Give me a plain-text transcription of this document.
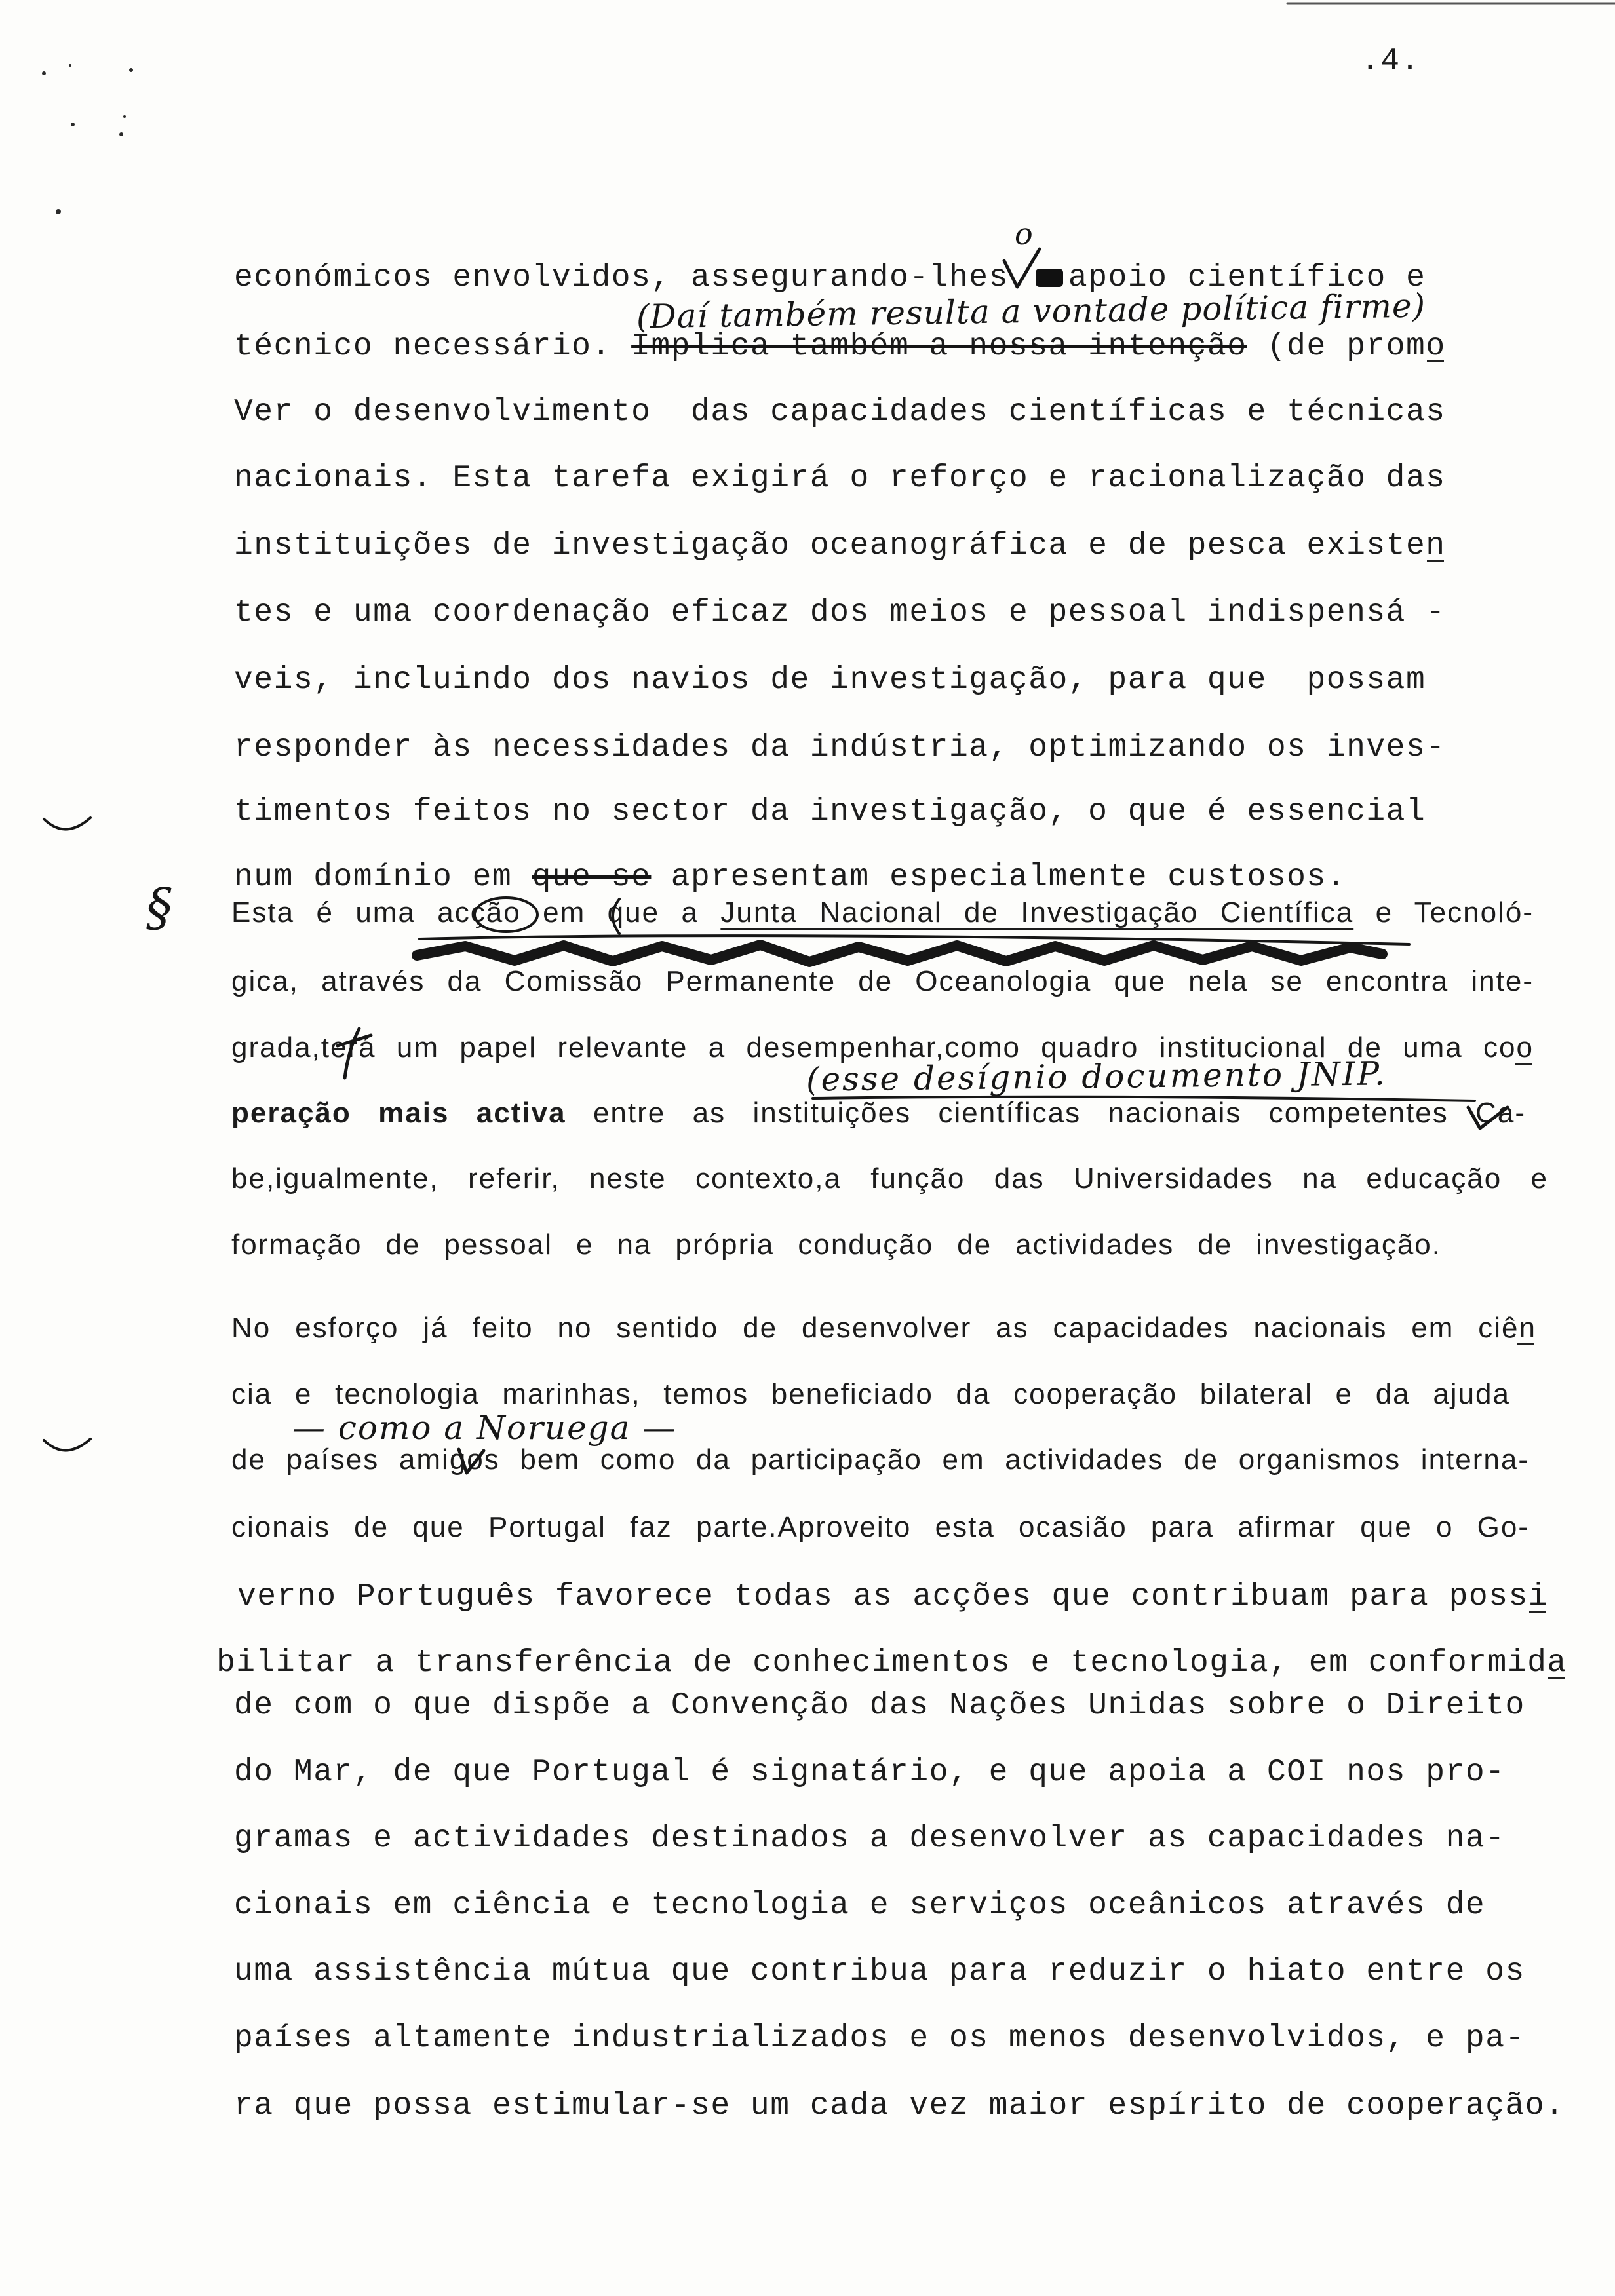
.4.
o
(Daí também resulta a vontade política firme)
§
(esse desígnio documento JNIP.
— como a Noruega —
económicos envolvidos, assegurando-lhes apoio científico e
técnico necessário. Implica também a nossa intenção (de promo
Ver o desenvolvimento  das capacidades científicas e técnicas
nacionais. Esta tarefa exigirá o reforço e racionalização das
instituições de investigação oceanográfica e de pesca existen
tes e uma coordenação eficaz dos meios e pessoal indispensá -
veis, incluindo dos navios de investigação, para que  possam
responder às necessidades da indústria, optimizando os inves-
timentos feitos no sector da investigação, o que é essencial
num domínio em que se apresentam especialmente custosos.
Esta é uma acção em que a Junta Nacional de Investigação Científica e Tecnoló-
gica, através da Comissão Permanente de Oceanologia que nela se encontra inte-
grada,terá um papel relevante a desempenhar,como quadro institucional de uma coo
peração mais activa entre as instituições científicas nacionais competentes Ca-
be,igualmente, referir, neste contexto,a função das Universidades na educação e
formação de pessoal e na própria condução de actividades de investigação.
No esforço já feito no sentido de desenvolver as capacidades nacionais em ciên
cia e tecnologia marinhas, temos beneficiado da cooperação bilateral e da ajuda
de países amigos bem como da participação em actividades de organismos interna-
cionais de que Portugal faz parte.Aproveito esta ocasião para afirmar que o Go-
verno Português favorece todas as acções que contribuam para possi
bilitar a transferência de conhecimentos e tecnologia, em conformida
de com o que dispõe a Convenção das Nações Unidas sobre o Direito
do Mar, de que Portugal é signatário, e que apoia a COI nos pro-
gramas e actividades destinados a desenvolver as capacidades na-
cionais em ciência e tecnologia e serviços oceânicos através de
uma assistência mútua que contribua para reduzir o hiato entre os
países altamente industrializados e os menos desenvolvidos, e pa-
ra que possa estimular-se um cada vez maior espírito de cooperação.
